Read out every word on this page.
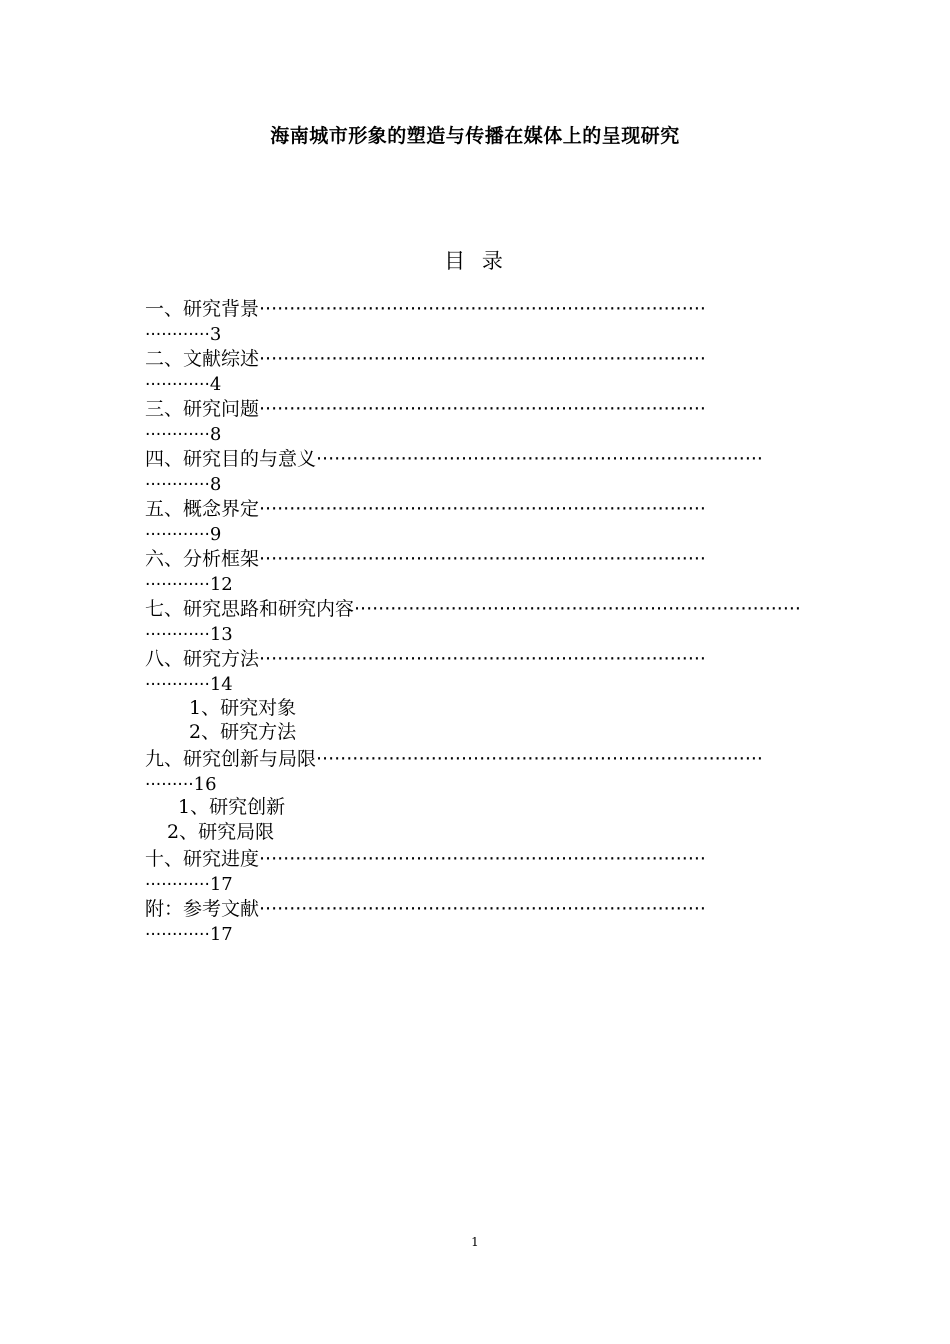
海南城市形象的塑造与传播在媒体上的呈现研究
目 录
一、研究背景··········································································
············3
二、文献综述··········································································
············4
三、研究问题··········································································
············8
四、研究目的与意义··········································································
············8
五、概念界定··········································································
············9
六、分析框架··········································································
············12
七、研究思路和研究内容··········································································
············13
八、研究方法··········································································
············14
1、研究对象
2、研究方法
九、研究创新与局限··········································································
·········16
1、研究创新
2、研究局限
十、研究进度··········································································
············17
附：参考文献··········································································
············17
1
